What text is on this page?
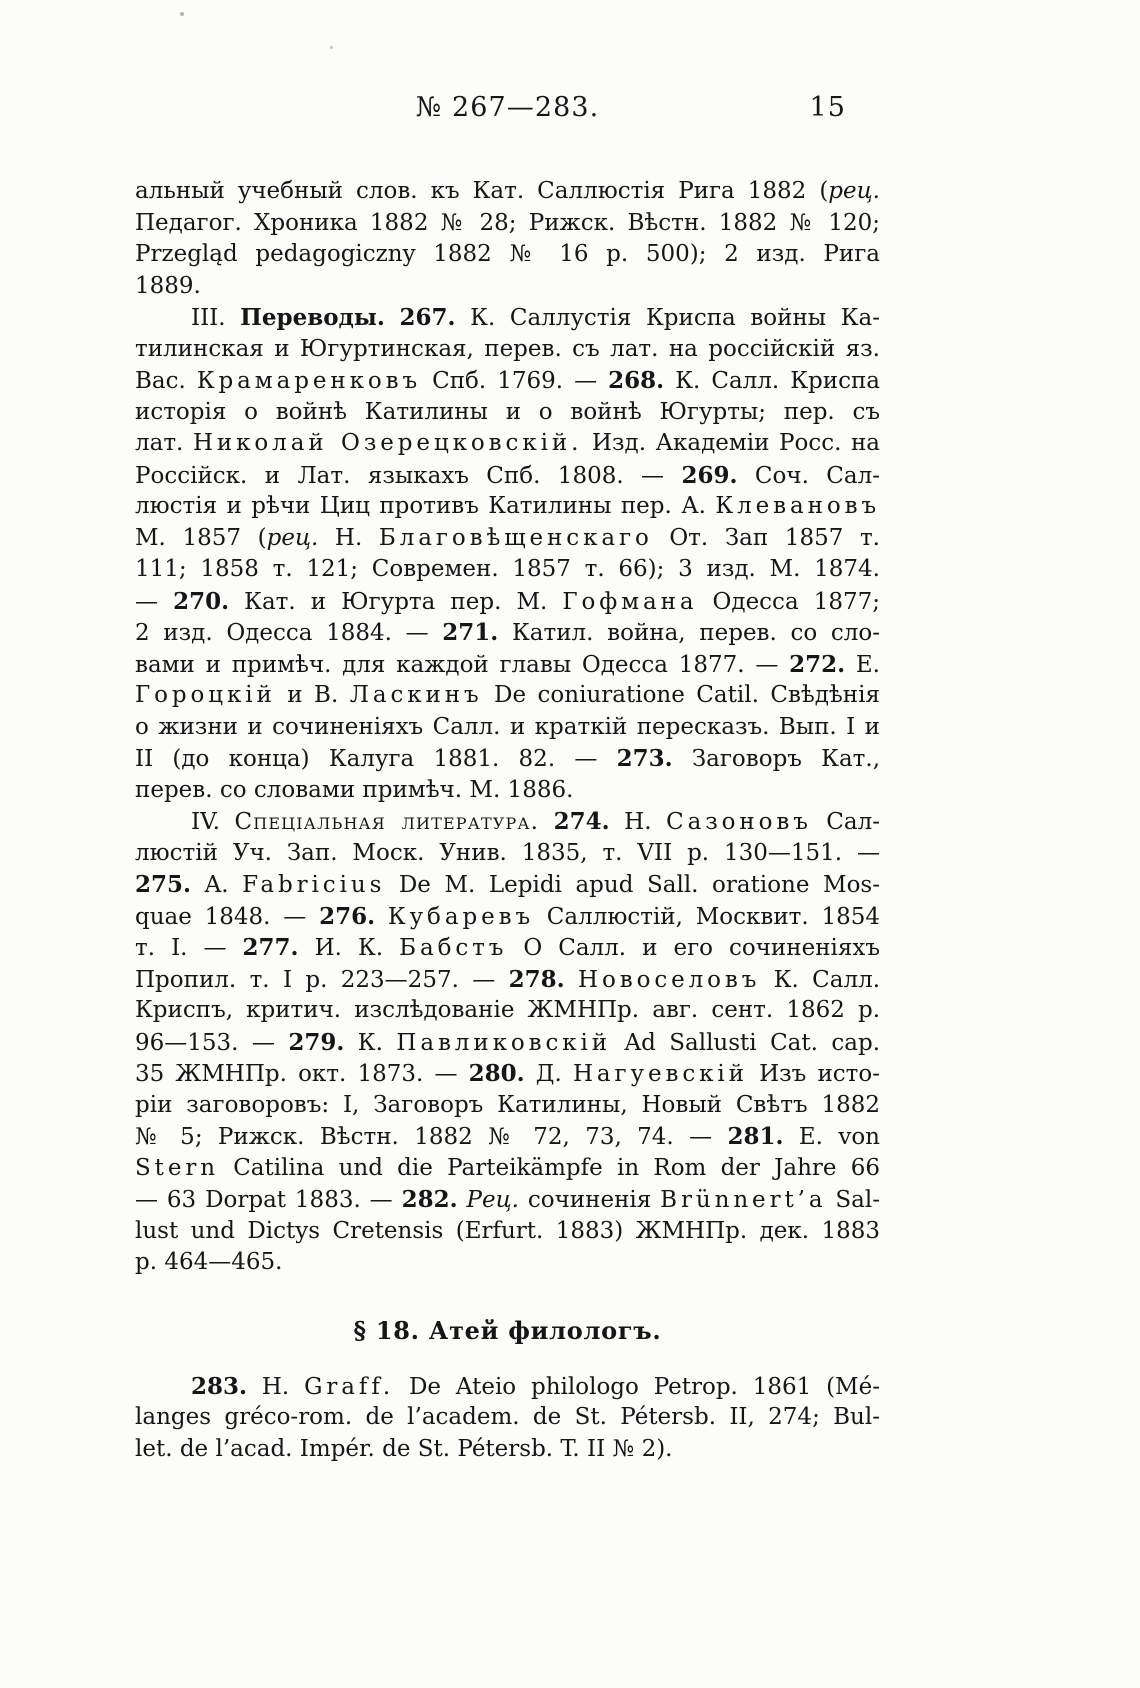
№ 267—283.	15
альный учебный слов. къ Кат. Саллюстія Рига 1882 (рец.
Педагог. Хроника 1882 № 28; Рижск. Вѣстн. 1882 № 120;
Przegląd pedagogiczny 1882 № 16 p. 500); 2 изд. Рига
1889.
III. Переводы. 267. К. Саллустія Криспа войны Ка-
тилинская и Югуртинская, перев. съ лат. на россійскій яз.
Вас. Крамаренковъ Спб. 1769. — 268. К. Салл. Криспа
исторія о войнѣ Катилины и о войнѣ Югурты; пер. съ
лат. Николай Озерецковскій. Изд. Академіи Росс. на
Россійск. и Лат. языкахъ Спб. 1808. — 269. Соч. Сал-
люстія и рѣчи Циц противъ Катилины пер. А. Клевановъ
М. 1857 (рец. Н. Благовѣщенскаго От. Зап 1857 т.
111; 1858 т. 121; Современ. 1857 т. 66); 3 изд. М. 1874.
— 270. Кат. и Югурта пер. М. Гофмана Одесса 1877;
2 изд. Одесса 1884. — 271. Катил. война, перев. со сло-
вами и примѣч. для каждой главы Одесса 1877. — 272. Е.
Гороцкій и В. Ласкинъ De coniuratione Catil. Свѣдѣнія
о жизни и сочиненіяхъ Салл. и краткій пересказъ. Вып. I и
II (до конца) Калуга 1881. 82. — 273. Заговоръ Кат.,
перев. со словами примѣч. М. 1886.
IV. Спеціальная литература. 274. Н. Сазоновъ Сал-
люстій Уч. Зап. Моск. Унив. 1835, т. VII p. 130—151. —
275. A. Fabricius De M. Lepidi apud Sall. oratione Mos-
quae 1848. — 276. Кубаревъ Саллюстій, Москвит. 1854
т. I. — 277. И. К. Бабстъ О Салл. и его сочиненіяхъ
Пропил. т. I p. 223—257. — 278. Новоселовъ К. Салл.
Криспъ, критич. изслѣдованіе ЖМНПр. авг. сент. 1862 p.
96—153. — 279. К. Павликовскій Ad Sallusti Cat. cap.
35 ЖМНПр. окт. 1873. — 280. Д. Нагуевскій Изъ исто-
ріи заговоровъ: I, Заговоръ Катилины, Новый Свѣтъ 1882
№ 5; Рижск. Вѣстн. 1882 № 72, 73, 74. — 281. E. von
Stern Catilina und die Parteikämpfe in Rom der Jahre 66
— 63 Dorpat 1883. — 282. Рец. сочиненія Brünnert’a Sal-
lust und Dictys Cretensis (Erfurt. 1883) ЖМНПр. дек. 1883
p. 464—465.
§ 18. Атей филологъ.
283. H. Graff. De Ateio philologo Petrop. 1861 (Mé-
langes gréco-rom. de l’academ. de St. Pétersb. II, 274; Bul-
let. de l’acad. Impér. de St. Pétersb. T. II № 2).
